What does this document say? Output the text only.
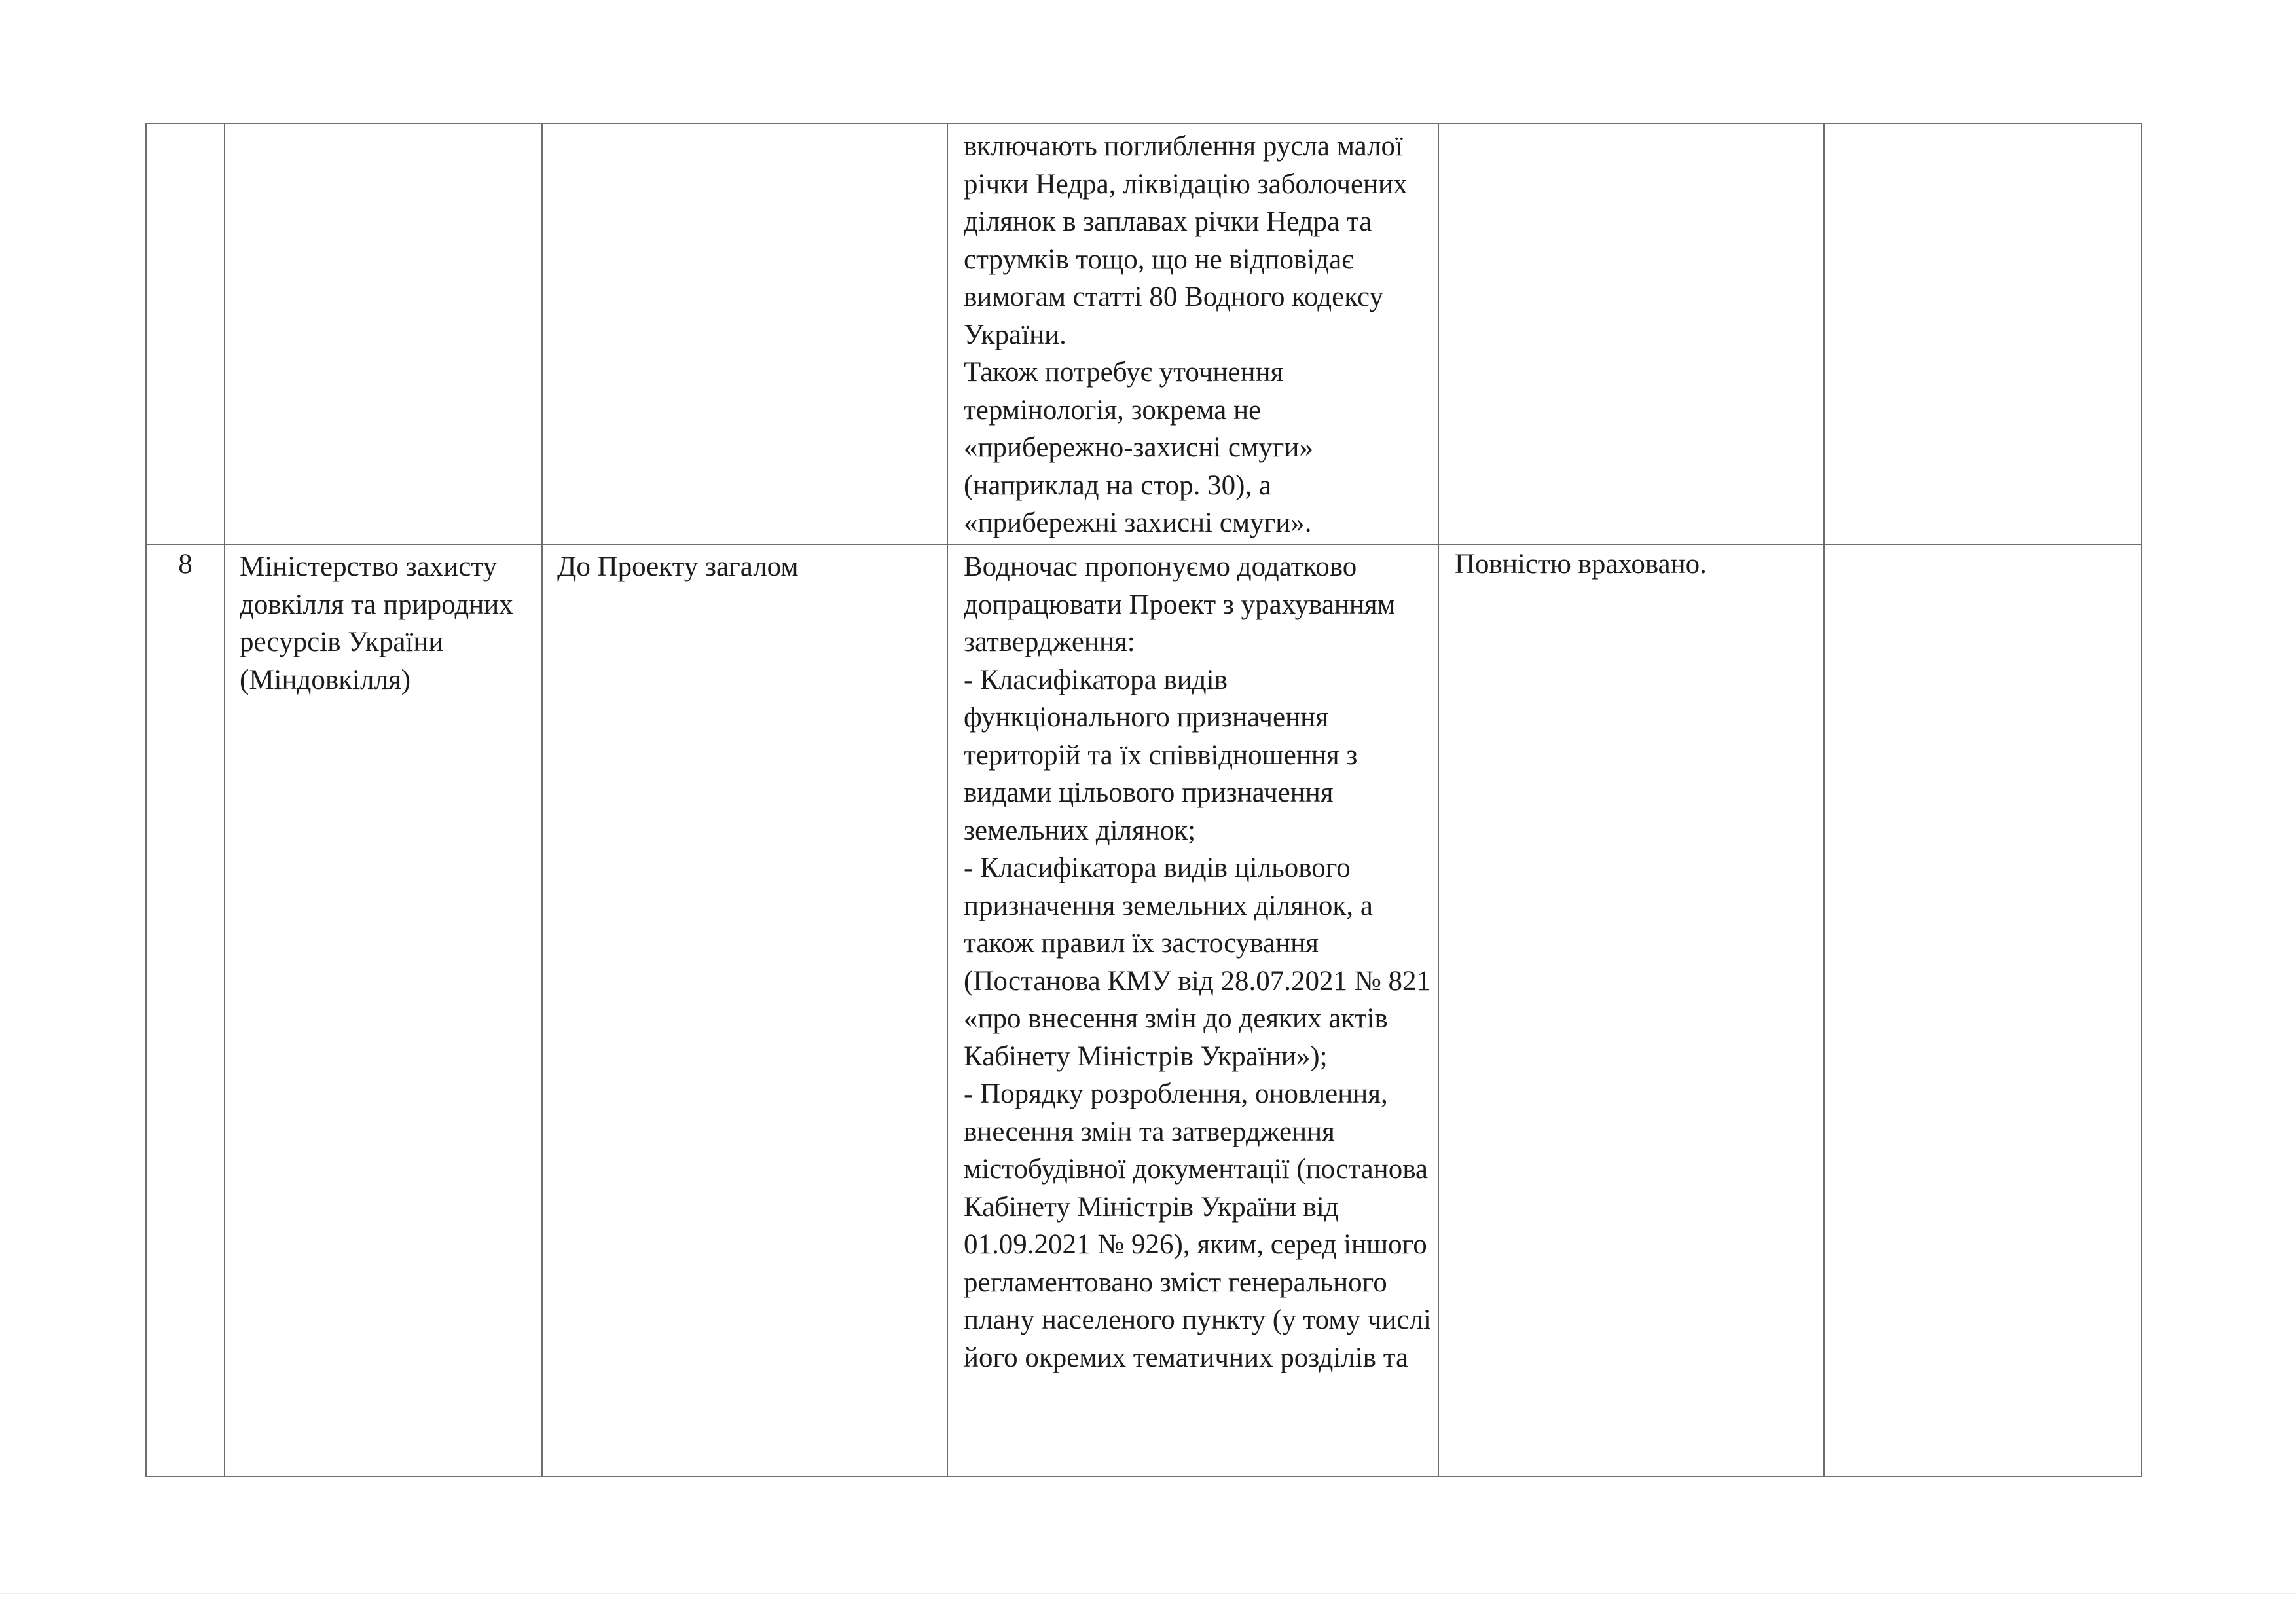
			включають поглиблення русла малої річки Недра, ліквідацію заболочених ділянок в заплавах річки Недра та струмків тощо, що не відповідає вимогам статті 80 Водного кодексу України.
Також потребує уточнення термінологія, зокрема не «прибережно-захисні смуги» (наприклад на стор. 30), а «прибережні захисні смуги».		

8	Міністерство захисту довкілля та природних ресурсів України (Міндовкілля)	До Проекту загалом	Водночас пропонуємо додатково допрацювати Проект з урахуванням затвердження:
- Класифікатора видів функціонального призначення територій та їх співвідношення з видами цільового призначення земельних ділянок;
- Класифікатора видів цільового призначення земельних ділянок, а також правил їх застосування (Постанова КМУ від 28.07.2021 № 821 «про внесення змін до деяких актів Кабінету Міністрів України»);
- Порядку розроблення, оновлення, внесення змін та затвердження містобудівної документації (постанова Кабінету Міністрів України від 01.09.2021 № 926), яким, серед іншого регламентовано зміст генерального плану населеного пункту (у тому числі його окремих тематичних розділів та	Повністю враховано.	
